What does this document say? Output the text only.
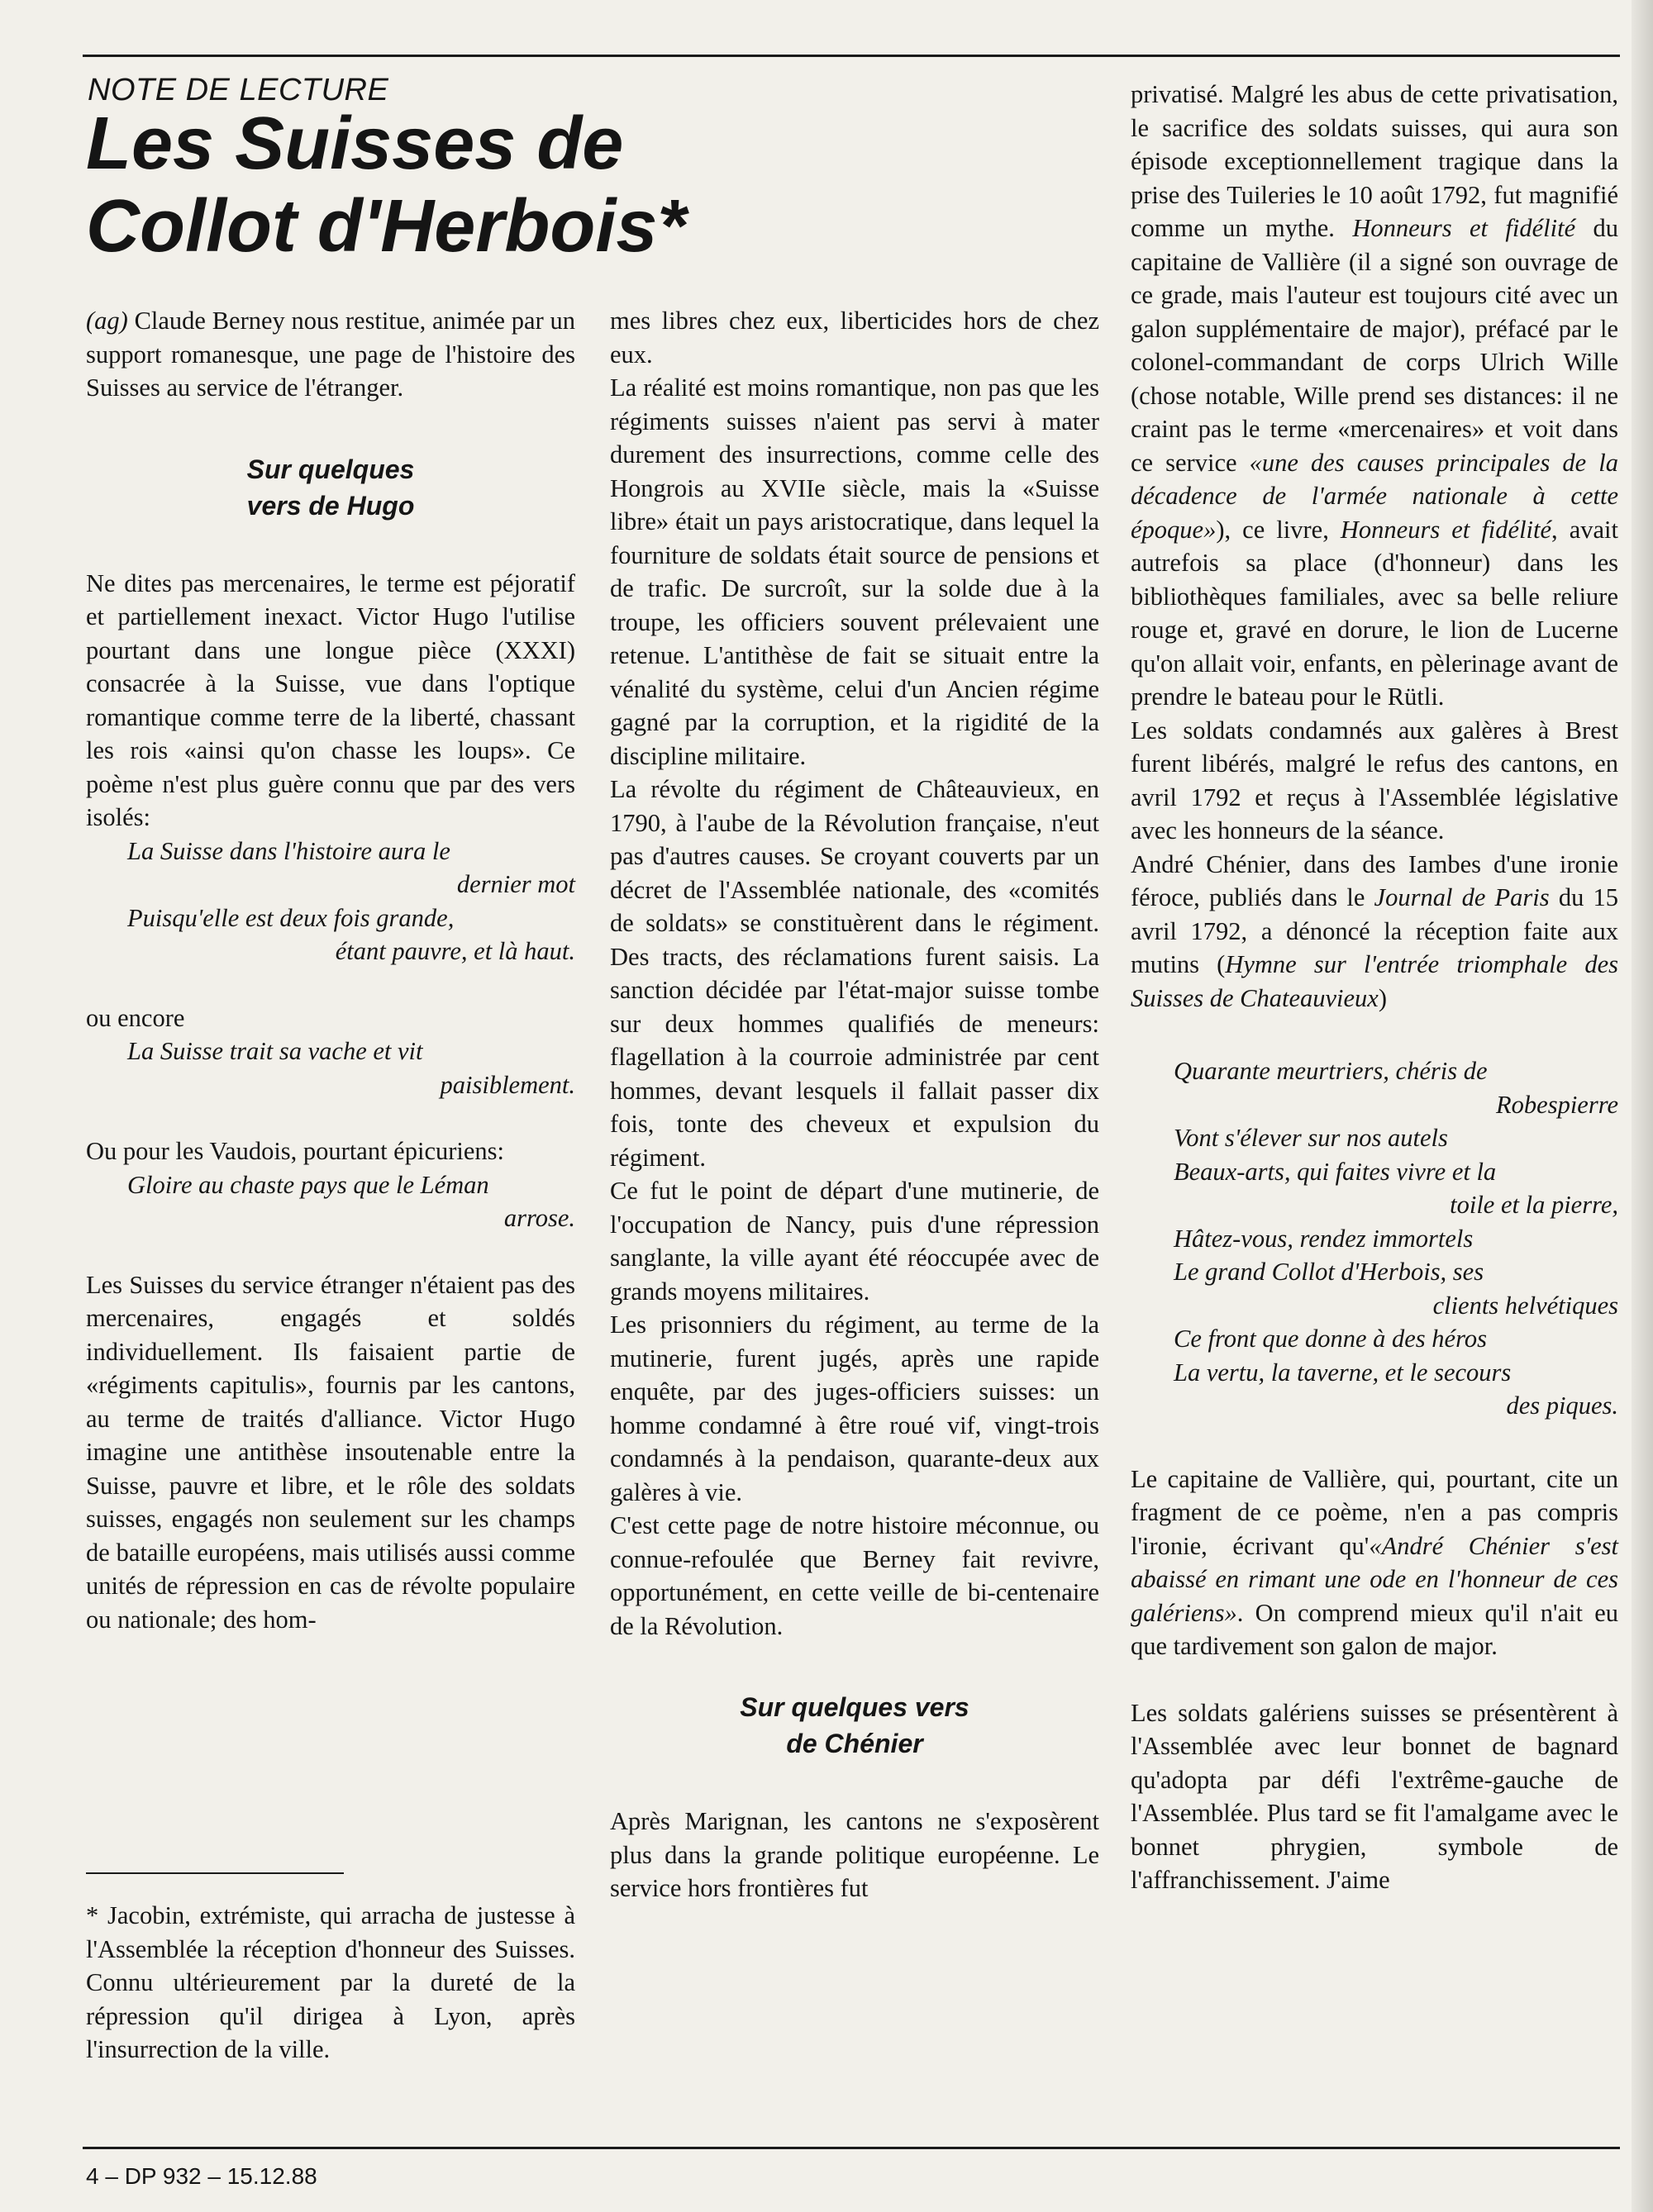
NOTE DE LECTURE
Les Suisses de
Collot d'Herbois*

(ag) Claude Berney nous restitue, animée par un support romanesque, une page de l'histoire des Suisses au service de l'étranger.

Sur quelques
vers de Hugo

Ne dites pas mercenaires, le terme est péjoratif et partiellement inexact. Victor Hugo l'utilise pourtant dans une longue pièce (XXXI) consacrée à la Suisse, vue dans l'optique romantique comme terre de la liberté, chassant les rois «ainsi qu'on chasse les loups». Ce poème n'est plus guère connu que par des vers isolés:

La Suisse dans l'histoire aura le
dernier mot
Puisqu'elle est deux fois grande,
étant pauvre, et là haut.

ou encore

La Suisse trait sa vache et vit
paisiblement.

Ou pour les Vaudois, pourtant épicuriens:

Gloire au chaste pays que le Léman
arrose.

Les Suisses du service étranger n'étaient pas des mercenaires, engagés et soldés individuellement. Ils faisaient partie de «régiments capitulis», fournis par les cantons, au terme de traités d'alliance. Victor Hugo imagine une antithèse insoutenable entre la Suisse, pauvre et libre, et le rôle des soldats suisses, engagés non seulement sur les champs de bataille européens, mais utilisés aussi comme unités de répression en cas de révolte populaire ou nationale; des hom-

* Jacobin, extrémiste, qui arracha de justesse à l'Assemblée la réception d'honneur des Suisses. Connu ultérieurement par la dureté de la répression qu'il dirigea à Lyon, après l'insurrection de la ville.

mes libres chez eux, liberticides hors de chez eux.

La réalité est moins romantique, non pas que les régiments suisses n'aient pas servi à mater durement des insurrections, comme celle des Hongrois au XVIIe siècle, mais la «Suisse libre» était un pays aristocratique, dans lequel la fourniture de soldats était source de pensions et de trafic. De surcroît, sur la solde due à la troupe, les officiers souvent prélevaient une retenue. L'antithèse de fait se situait entre la vénalité du système, celui d'un Ancien régime gagné par la corruption, et la rigidité de la discipline militaire.

La révolte du régiment de Châteauvieux, en 1790, à l'aube de la Révolution française, n'eut pas d'autres causes. Se croyant couverts par un décret de l'Assemblée nationale, des «comités de soldats» se constituèrent dans le régiment. Des tracts, des réclamations furent saisis. La sanction décidée par l'état-major suisse tombe sur deux hommes qualifiés de meneurs: flagellation à la courroie administrée par cent hommes, devant lesquels il fallait passer dix fois, tonte des cheveux et expulsion du régiment.

Ce fut le point de départ d'une mutinerie, de l'occupation de Nancy, puis d'une répression sanglante, la ville ayant été réoccupée avec de grands moyens militaires.

Les prisonniers du régiment, au terme de la mutinerie, furent jugés, après une rapide enquête, par des juges-officiers suisses: un homme condamné à être roué vif, vingt-trois condamnés à la pendaison, quarante-deux aux galères à vie.

C'est cette page de notre histoire méconnue, ou connue-refoulée que Berney fait revivre, opportunément, en cette veille de bi-centenaire de la Révolution.

Sur quelques vers
de Chénier

Après Marignan, les cantons ne s'exposèrent plus dans la grande politique européenne. Le service hors frontières fut

privatisé. Malgré les abus de cette privatisation, le sacrifice des soldats suisses, qui aura son épisode exceptionnellement tragique dans la prise des Tuileries le 10 août 1792, fut magnifié comme un mythe. Honneurs et fidélité du capitaine de Vallière (il a signé son ouvrage de ce grade, mais l'auteur est toujours cité avec un galon supplémentaire de major), préfacé par le colonel-commandant de corps Ulrich Wille (chose notable, Wille prend ses distances: il ne craint pas le terme «mercenaires» et voit dans ce service «une des causes principales de la décadence de l'armée nationale à cette époque»), ce livre, Honneurs et fidélité, avait autrefois sa place (d'honneur) dans les bibliothèques familiales, avec sa belle reliure rouge et, gravé en dorure, le lion de Lucerne qu'on allait voir, enfants, en pèlerinage avant de prendre le bateau pour le Rütli.

Les soldats condamnés aux galères à Brest furent libérés, malgré le refus des cantons, en avril 1792 et reçus à l'Assemblée législative avec les honneurs de la séance.

André Chénier, dans des Iambes d'une ironie féroce, publiés dans le Journal de Paris du 15 avril 1792, a dénoncé la réception faite aux mutins (Hymne sur l'entrée triomphale des Suisses de Chateauvieux)

Quarante meurtriers, chéris de
Robespierre
Vont s'élever sur nos autels
Beaux-arts, qui faites vivre et la
toile et la pierre,
Hâtez-vous, rendez immortels
Le grand Collot d'Herbois, ses
clients helvétiques
Ce front que donne à des héros
La vertu, la taverne, et le secours
des piques.

Le capitaine de Vallière, qui, pourtant, cite un fragment de ce poème, n'en a pas compris l'ironie, écrivant qu'«André Chénier s'est abaissé en rimant une ode en l'honneur de ces galériens». On comprend mieux qu'il n'ait eu que tardivement son galon de major.

Les soldats galériens suisses se présentèrent à l'Assemblée avec leur bonnet de bagnard qu'adopta par défi l'extrême-gauche de l'Assemblée. Plus tard se fit l'amalgame avec le bonnet phrygien, symbole de l'affranchissement. J'aime

4 – DP 932 – 15.12.88
